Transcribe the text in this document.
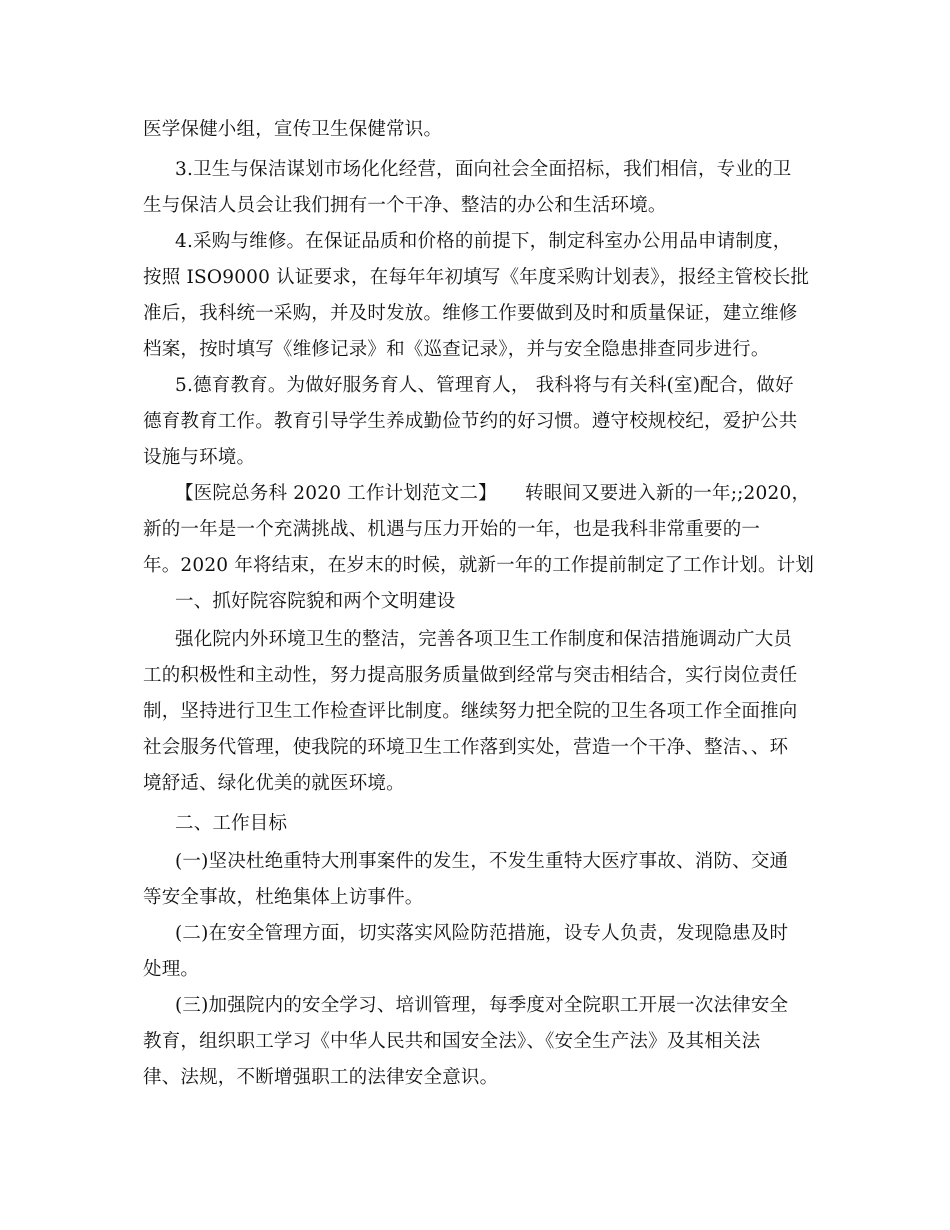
医学保健小组，宣传卫生保健常识。
3.卫生与保洁谋划市场化化经营，面向社会全面招标，我们相信，专业的卫
生与保洁人员会让我们拥有一个干净、整洁的办公和生活环境。
4.采购与维修。在保证品质和价格的前提下，制定科室办公用品申请制度，
按照 ISO9000 认证要求，在每年年初填写《年度采购计划表》，报经主管校长批
准后，我科统一采购，并及时发放。维修工作要做到及时和质量保证，建立维修
档案，按时填写《维修记录》和《巡查记录》，并与安全隐患排查同步进行。
5.德育教育。为做好服务育人、管理育人， 我科将与有关科(室)配合，做好
德育教育工作。教育引导学生养成勤俭节约的好习惯。遵守校规校纪，爱护公共
设施与环境。
【医院总务科 2020 工作计划范文二】　　转眼间又要进入新的一年;;2020，
新的一年是一个充满挑战、机遇与压力开始的一年，也是我科非常重要的一
年。2020 年将结束，在岁末的时候，就新一年的工作提前制定了工作计划。计划
一、抓好院容院貌和两个文明建设
强化院内外环境卫生的整洁，完善各项卫生工作制度和保洁措施调动广大员
工的积极性和主动性，努力提高服务质量做到经常与突击相结合，实行岗位责任
制，坚持进行卫生工作检查评比制度。继续努力把全院的卫生各项工作全面推向
社会服务代管理，使我院的环境卫生工作落到实处，营造一个干净、整洁、、环
境舒适、绿化优美的就医环境。
二、工作目标
(一)坚决杜绝重特大刑事案件的发生，不发生重特大医疗事故、消防、交通
等安全事故，杜绝集体上访事件。
(二)在安全管理方面，切实落实风险防范措施，设专人负责，发现隐患及时
处理。
(三)加强院内的安全学习、培训管理，每季度对全院职工开展一次法律安全
教育，组织职工学习《中华人民共和国安全法》、《安全生产法》及其相关法
律、法规，不断增强职工的法律安全意识。
